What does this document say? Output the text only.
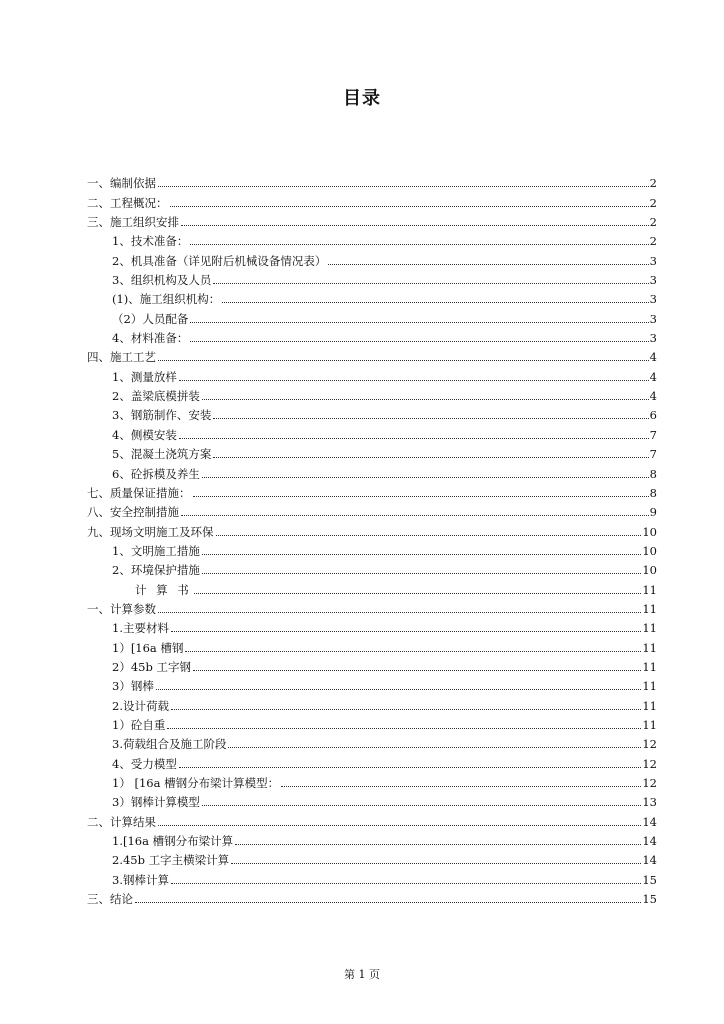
目录
一、编制依据	2
二、工程概况：	2
三、施工组织安排	2
1、技术准备：	2
2、机具准备（详见附后机械设备情况表）	3
3、组织机构及人员	3
(1)、施工组织机构：	3
（2）人员配备	3
4、材料准备：	3
四、施工工艺	4
1、测量放样	4
2、盖梁底模拼装	4
3、钢筋制作、安装	6
4、侧模安装	7
5、混凝土浇筑方案	7
6、砼拆模及养生	8
七、质量保证措施：	8
八、安全控制措施	9
九、现场文明施工及环保	10
1、文明施工措施	10
2、环境保护措施	10
计 算 书	11
一、计算参数	11
1.主要材料	11
1）[16a 槽钢	11
2）45b 工字钢	11
3）钢棒	11
2.设计荷载	11
1）砼自重	11
3.荷载组合及施工阶段	12
4、受力模型	12
1） [16a 槽钢分布梁计算模型：	12
3）钢棒计算模型	13
二、计算结果	14
1.[16a 槽钢分布梁计算	14
2.45b 工字主横梁计算	14
3.钢棒计算	15
三、结论	15
第 1 页
